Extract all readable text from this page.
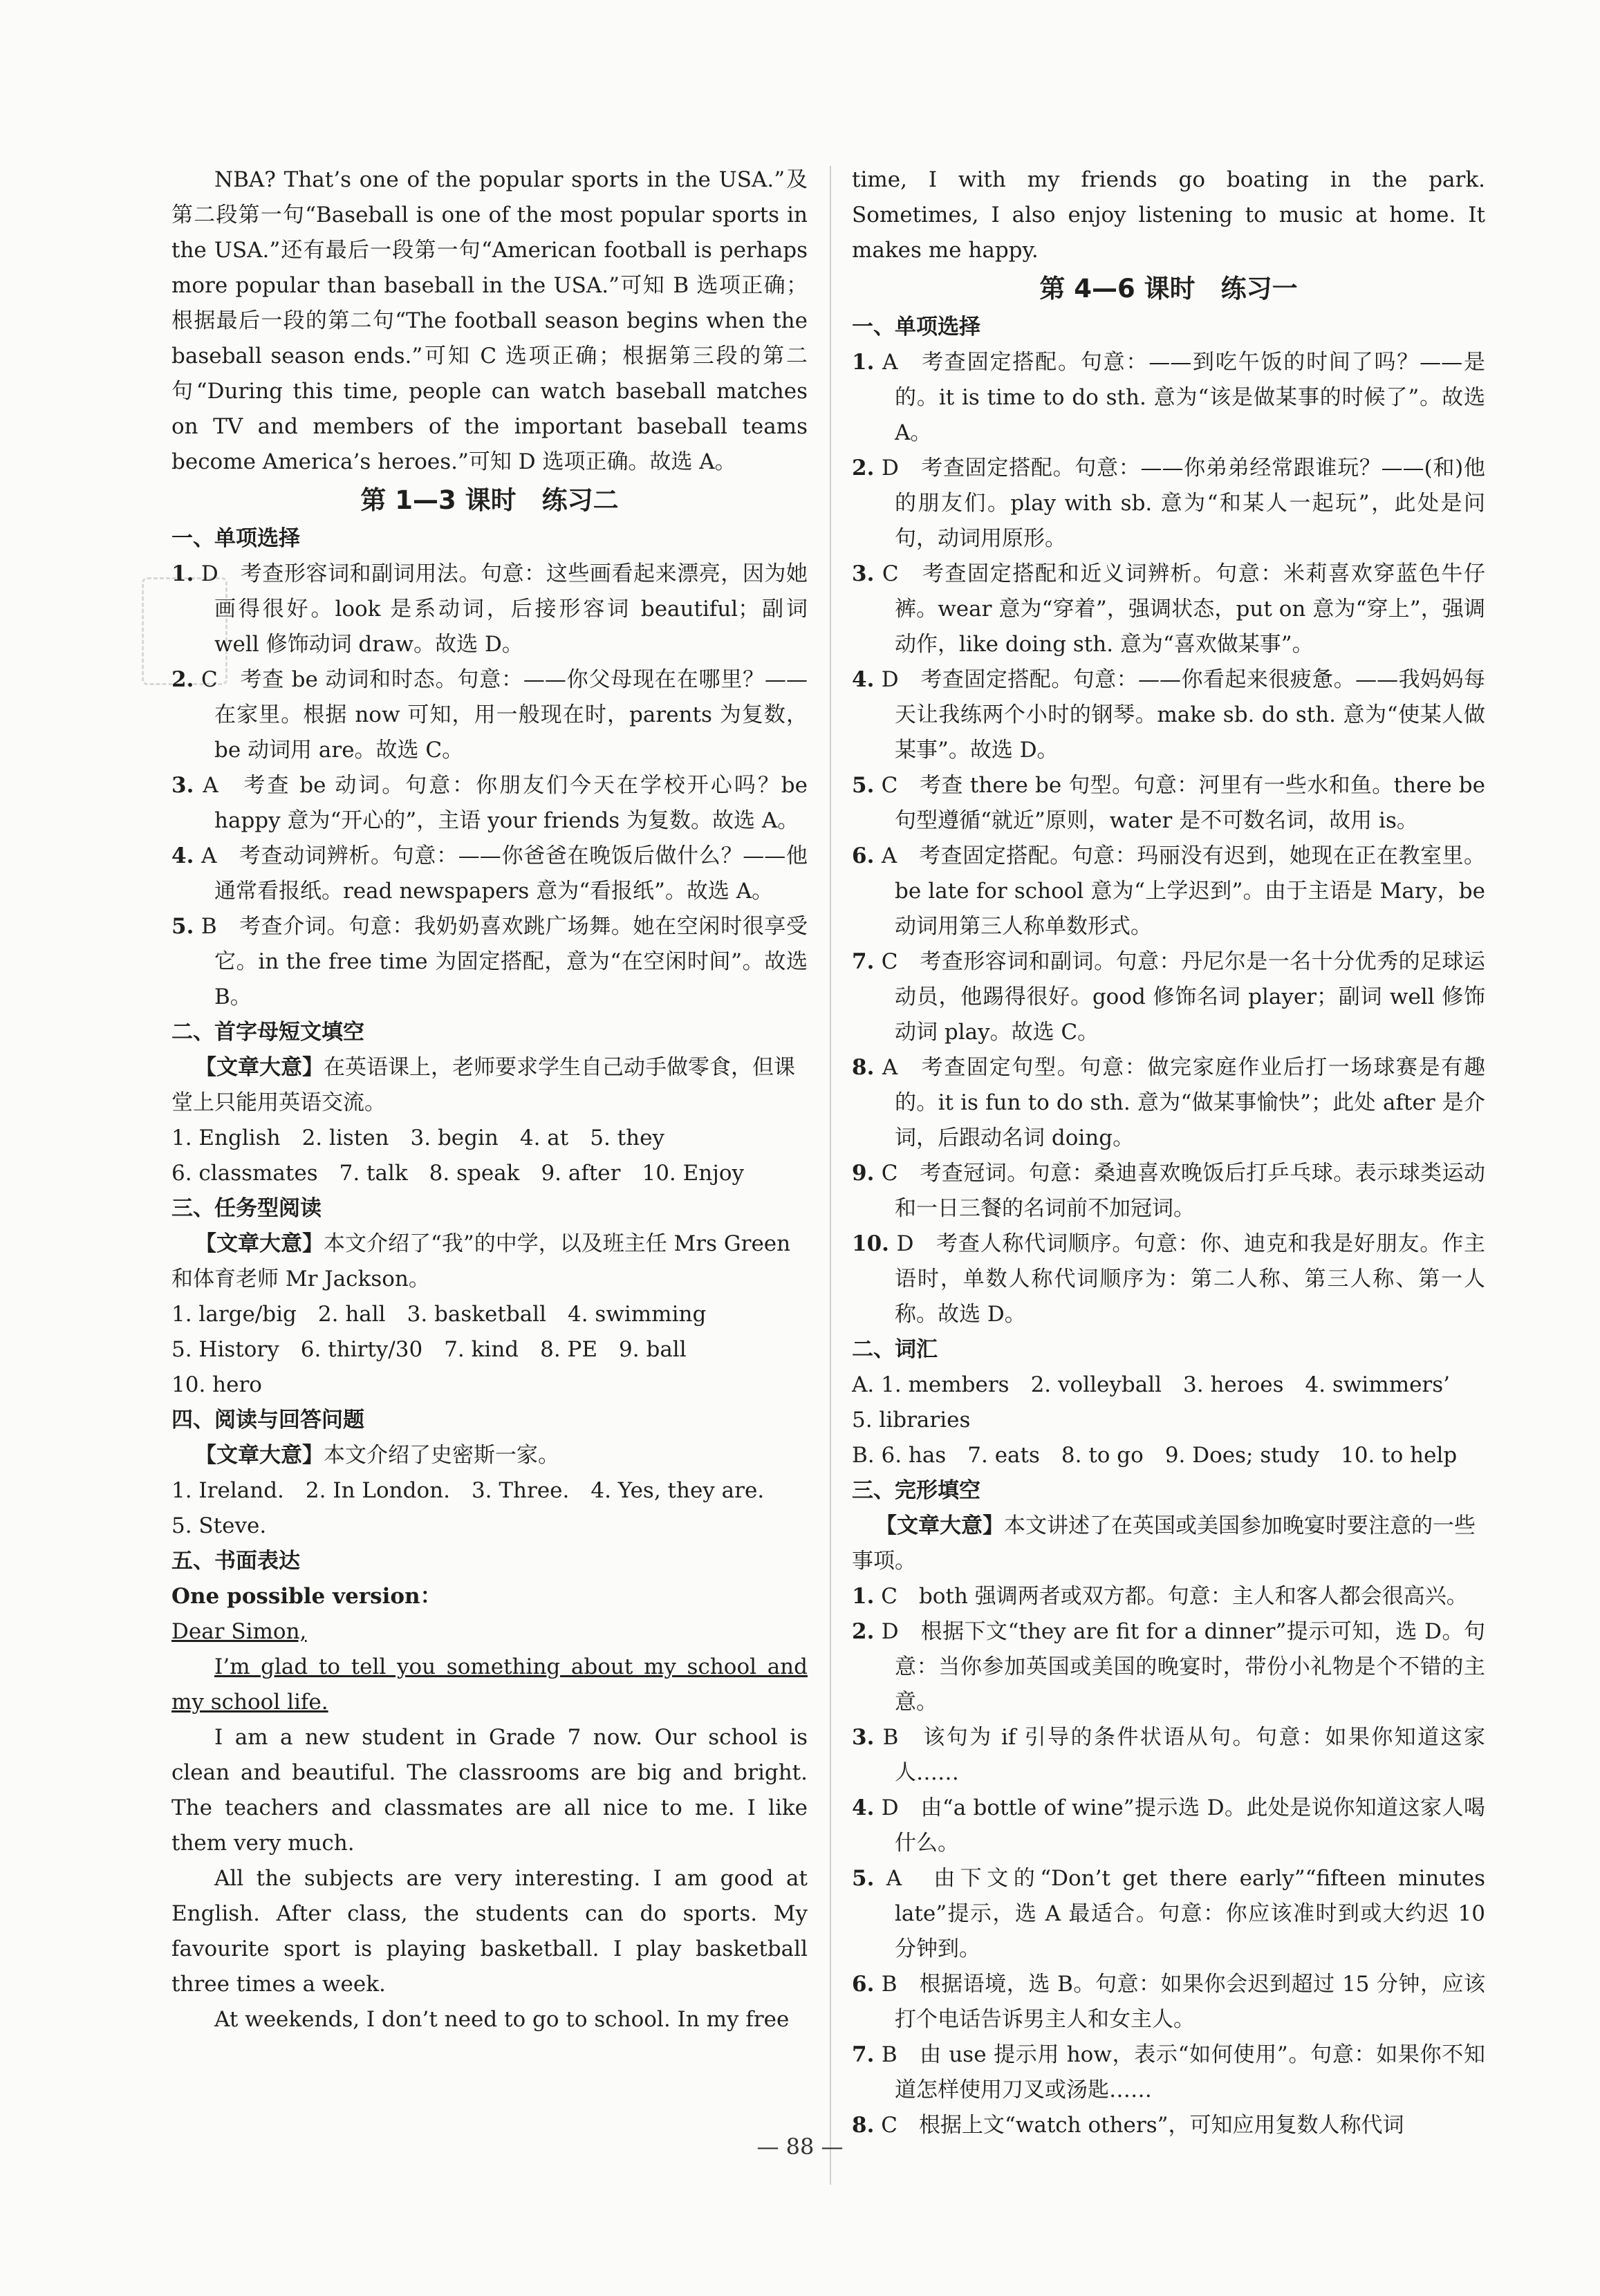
NBA? That’s one of the popular sports in the USA.”及第二段第一句“Baseball is one of the most popular sports in the USA.”还有最后一段第一句“American football is perhaps more popular than baseball in the USA.”可知 B 选项正确；根据最后一段的第二句“The football season begins when the baseball season ends.”可知 C 选项正确；根据第三段的第二句“During this time, people can watch baseball matches on TV and members of the important baseball teams become America’s heroes.”可知 D 选项正确。故选 A。

第 1—3 课时　练习二
一、单项选择

1. D　考查形容词和副词用法。句意：这些画看起来漂亮，因为她画得很好。look 是系动词，后接形容词 beautiful；副词 well 修饰动词 draw。故选 D。

2. C　考查 be 动词和时态。句意：——你父母现在在哪里？——在家里。根据 now 可知，用一般现在时，parents 为复数，be 动词用 are。故选 C。

3. A　考查 be 动词。句意：你朋友们今天在学校开心吗？be happy 意为“开心的”，主语 your friends 为复数。故选 A。

4. A　考查动词辨析。句意：——你爸爸在晚饭后做什么？——他通常看报纸。read newspapers 意为“看报纸”。故选 A。

5. B　考查介词。句意：我奶奶喜欢跳广场舞。她在空闲时很享受它。in the free time 为固定搭配，意为“在空闲时间”。故选 B。

二、首字母短文填空

【文章大意】在英语课上，老师要求学生自己动手做零食，但课堂上只能用英语交流。

1. English　2. listen　3. begin　4. at　5. they

6. classmates　7. talk　8. speak　9. after　10. Enjoy

三、任务型阅读

【文章大意】本文介绍了“我”的中学，以及班主任 Mrs Green 和体育老师 Mr Jackson。

1. large/big　2. hall　3. basketball　4. swimming

5. History　6. thirty/30　7. kind　8. PE　9. ball

10. hero

四、阅读与回答问题

【文章大意】本文介绍了史密斯一家。

1. Ireland.　2. In London.　3. Three.　4. Yes, they are.

5. Steve.

五、书面表达

One possible version：

Dear Simon,

I’m glad to tell you something about my school and my school life.

I am a new student in Grade 7 now. Our school is clean and beautiful. The classrooms are big and bright. The teachers and classmates are all nice to me. I like them very much.

All the subjects are very interesting. I am good at English. After class, the students can do sports. My favourite sport is playing basketball. I play basketball three times a week.

At weekends, I don’t need to go to school. In my free

time, I with my friends go boating in the park. Sometimes, I also enjoy listening to music at home. It makes me happy.

第 4—6 课时　练习一
一、单项选择

1. A　考查固定搭配。句意：——到吃午饭的时间了吗？——是的。it is time to do sth. 意为“该是做某事的时候了”。故选 A。

2. D　考查固定搭配。句意：——你弟弟经常跟谁玩？——(和)他的朋友们。play with sb. 意为“和某人一起玩”，此处是问句，动词用原形。

3. C　考查固定搭配和近义词辨析。句意：米莉喜欢穿蓝色牛仔裤。wear 意为“穿着”，强调状态，put on 意为“穿上”，强调动作，like doing sth. 意为“喜欢做某事”。

4. D　考查固定搭配。句意：——你看起来很疲惫。——我妈妈每天让我练两个小时的钢琴。make sb. do sth. 意为“使某人做某事”。故选 D。

5. C　考查 there be 句型。句意：河里有一些水和鱼。there be 句型遵循“就近”原则，water 是不可数名词，故用 is。

6. A　考查固定搭配。句意：玛丽没有迟到，她现在正在教室里。be late for school 意为“上学迟到”。由于主语是 Mary，be 动词用第三人称单数形式。

7. C　考查形容词和副词。句意：丹尼尔是一名十分优秀的足球运动员，他踢得很好。good 修饰名词 player；副词 well 修饰动词 play。故选 C。

8. A　考查固定句型。句意：做完家庭作业后打一场球赛是有趣的。it is fun to do sth. 意为“做某事愉快”；此处 after 是介词，后跟动名词 doing。

9. C　考查冠词。句意：桑迪喜欢晚饭后打乒乓球。表示球类运动和一日三餐的名词前不加冠词。

10. D　考查人称代词顺序。句意：你、迪克和我是好朋友。作主语时，单数人称代词顺序为：第二人称、第三人称、第一人称。故选 D。

二、词汇

A. 1. members　2. volleyball　3. heroes　4. swimmers’

5. libraries

B. 6. has　7. eats　8. to go　9. Does; study　10. to help

三、完形填空

【文章大意】本文讲述了在英国或美国参加晚宴时要注意的一些事项。

1. C　both 强调两者或双方都。句意：主人和客人都会很高兴。

2. D　根据下文“they are fit for a dinner”提示可知，选 D。句意：当你参加英国或美国的晚宴时，带份小礼物是个不错的主意。

3. B　该句为 if 引导的条件状语从句。句意：如果你知道这家人……

4. D　由“a bottle of wine”提示选 D。此处是说你知道这家人喝什么。

5. A　由下文的“Don’t get there early”“fifteen minutes late”提示，选 A 最适合。句意：你应该准时到或大约迟 10 分钟到。

6. B　根据语境，选 B。句意：如果你会迟到超过 15 分钟，应该打个电话告诉男主人和女主人。

7. B　由 use 提示用 how，表示“如何使用”。句意：如果你不知道怎样使用刀叉或汤匙……

8. C　根据上文“watch others”，可知应用复数人称代词

— 88 —
